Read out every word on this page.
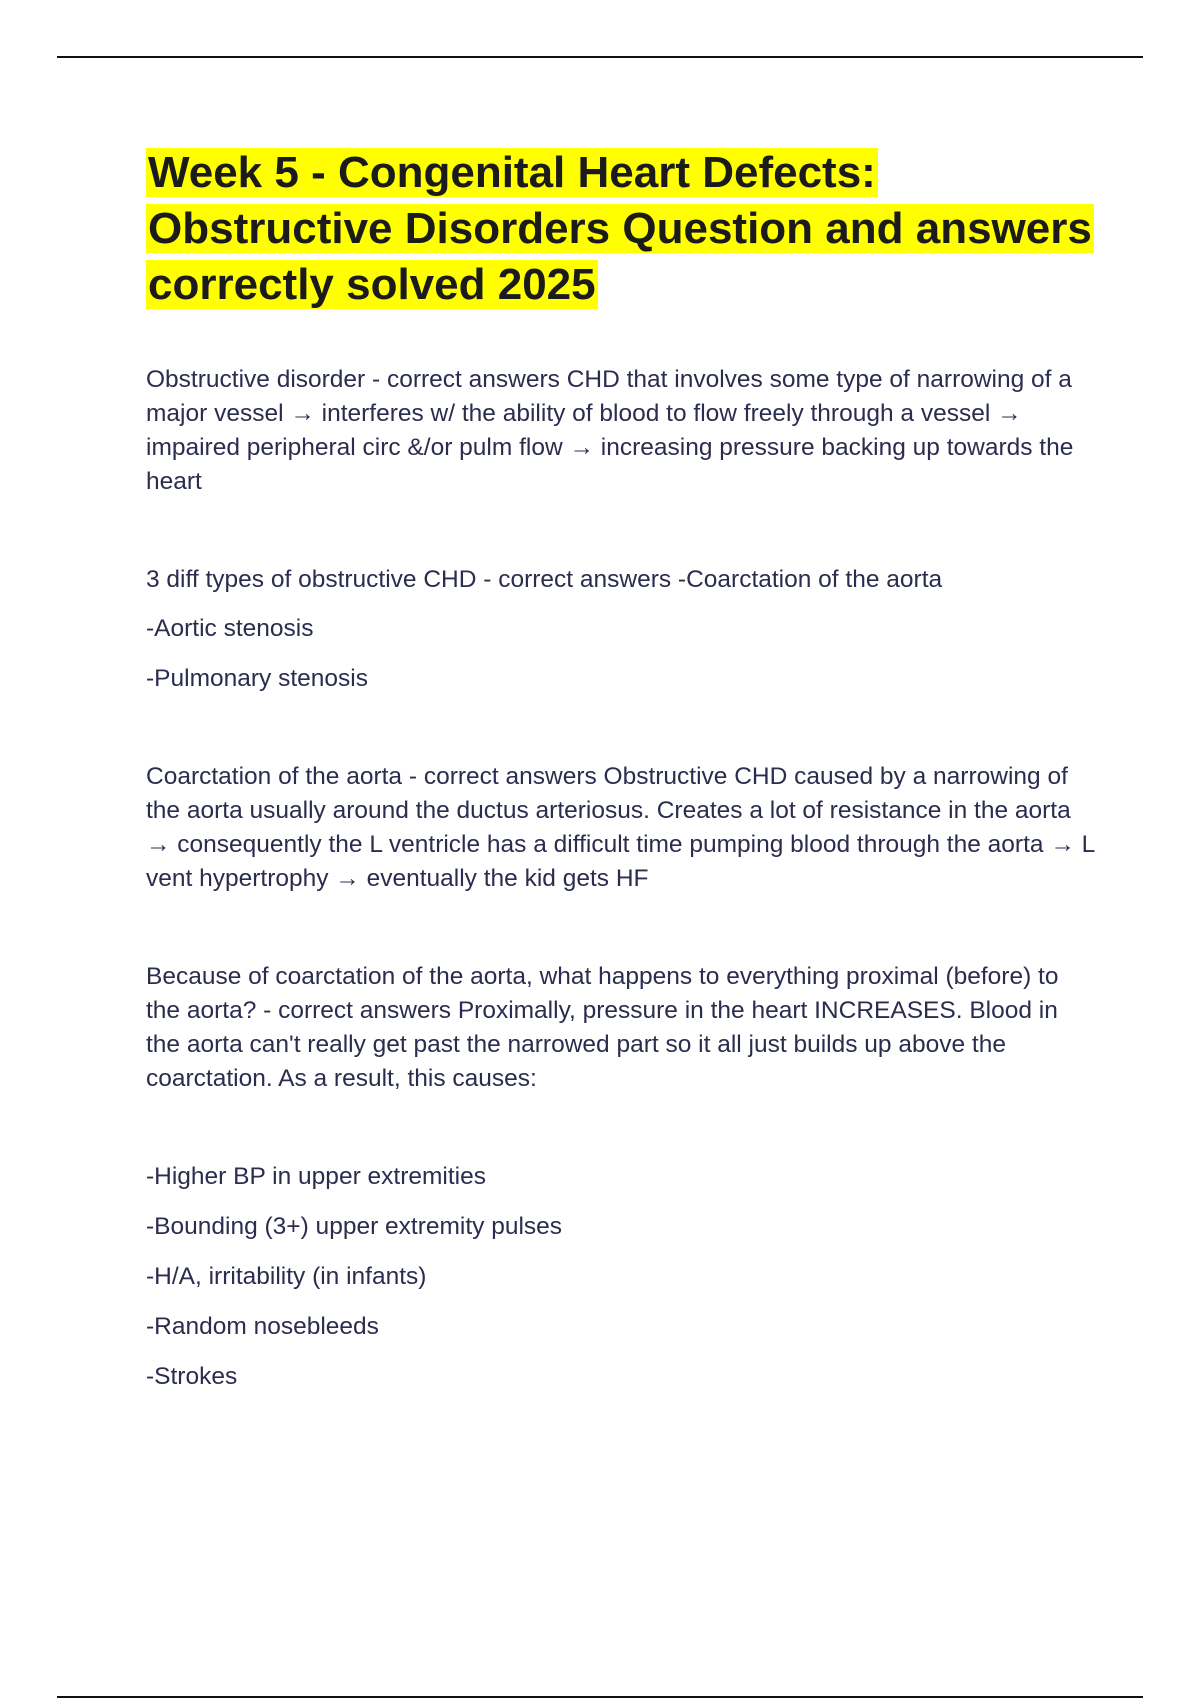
Week 5 - Congenital Heart Defects: Obstructive Disorders Question and answers correctly solved 2025

Obstructive disorder - correct answers CHD that involves some type of narrowing of a major vessel → interferes w/ the ability of blood to flow freely through a vessel → impaired peripheral circ &/or pulm flow → increasing pressure backing up towards the heart

3 diff types of obstructive CHD - correct answers -Coarctation of the aorta

-Aortic stenosis

-Pulmonary stenosis

Coarctation of the aorta - correct answers Obstructive CHD caused by a narrowing of the aorta usually around the ductus arteriosus. Creates a lot of resistance in the aorta → consequently the L ventricle has a difficult time pumping blood through the aorta → L vent hypertrophy → eventually the kid gets HF

Because of coarctation of the aorta, what happens to everything proximal (before) to the aorta? - correct answers Proximally, pressure in the heart INCREASES. Blood in the aorta can't really get past the narrowed part so it all just builds up above the coarctation. As a result, this causes:

-Higher BP in upper extremities

-Bounding (3+) upper extremity pulses

-H/A, irritability (in infants)

-Random nosebleeds

-Strokes
